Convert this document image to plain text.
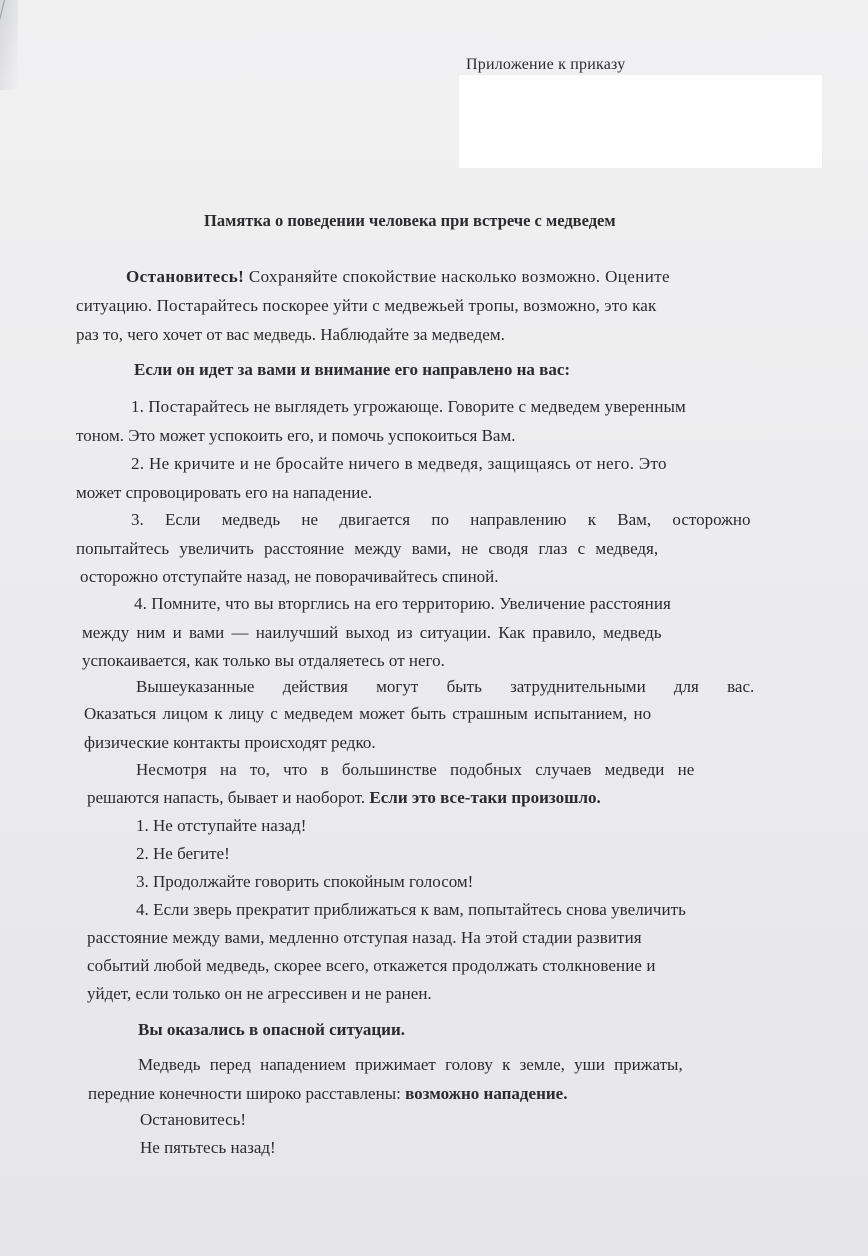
Приложение к приказу
Памятка о поведении человека при встрече с медведем
Остановитесь! Сохраняйте спокойствие насколько возможно. Оцените
ситуацию. Постарайтесь поскорее уйти с медвежьей тропы, возможно, это как
раз то, чего хочет от вас медведь. Наблюдайте за медведем.
Если он идет за вами и внимание его направлено на вас:
1. Постарайтесь не выглядеть угрожающе. Говорите с медведем уверенным
тоном. Это может успокоить его, и помочь успокоиться Вам.
2. Не кричите и не бросайте ничего в медведя, защищаясь от него. Это
может спровоцировать его на нападение.
3. Если медведь не двигается по направлению к Вам, осторожно
попытайтесь увеличить расстояние между вами, не сводя глаз с медведя,
осторожно отступайте назад, не поворачивайтесь спиной.
4. Помните, что вы вторглись на его территорию. Увеличение расстояния
между ним и вами — наилучший выход из ситуации. Как правило, медведь
успокаивается, как только вы отдаляетесь от него.
Вышеуказанные действия могут быть затруднительными для вас.
Оказаться лицом к лицу с медведем может быть страшным испытанием, но
физические контакты происходят редко.
Несмотря на то, что в большинстве подобных случаев медведи не
решаются напасть, бывает и наоборот. Если это все-таки произошло.
1. Не отступайте назад!
2. Не бегите!
3. Продолжайте говорить спокойным голосом!
4. Если зверь прекратит приближаться к вам, попытайтесь снова увеличить
расстояние между вами, медленно отступая назад. На этой стадии развития
событий любой медведь, скорее всего, откажется продолжать столкновение и
уйдет, если только он не агрессивен и не ранен.
Вы оказались в опасной ситуации.
Медведь перед нападением прижимает голову к земле, уши прижаты,
передние конечности широко расставлены: возможно нападение.
Остановитесь!
Не пятьтесь назад!
